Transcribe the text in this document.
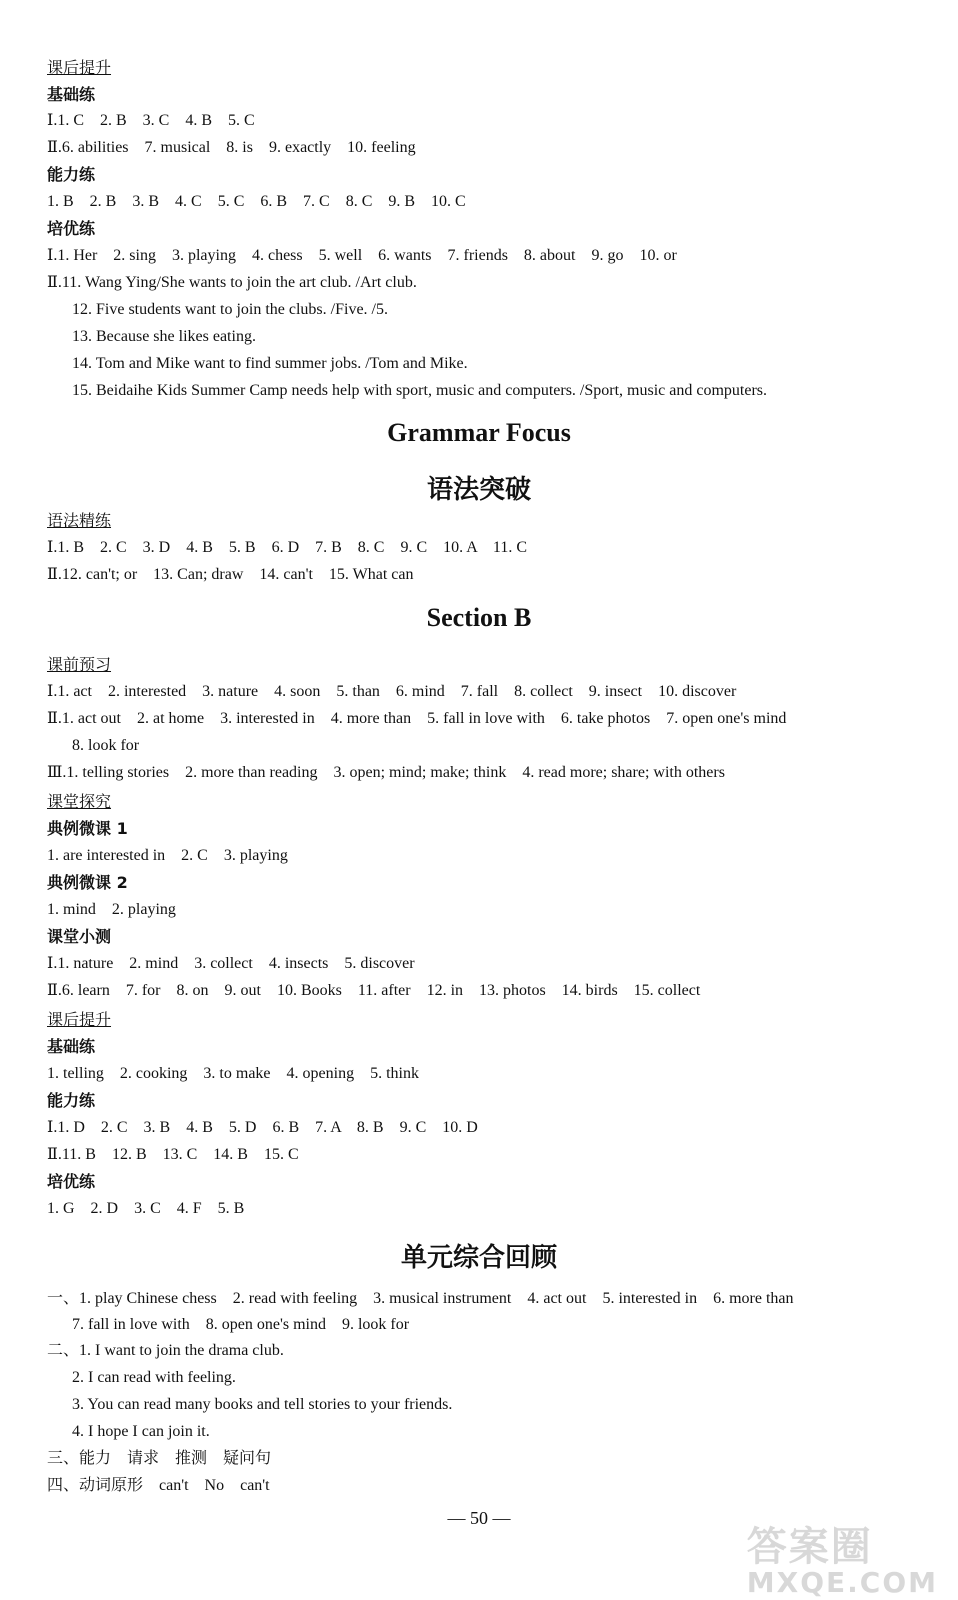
课后提升
基础练
Ⅰ.1. C　2. B　3. C　4. B　5. C
Ⅱ.6. abilities　7. musical　8. is　9. exactly　10. feeling
能力练
1. B　2. B　3. B　4. C　5. C　6. B　7. C　8. C　9. B　10. C
培优练
Ⅰ.1. Her　2. sing　3. playing　4. chess　5. well　6. wants　7. friends　8. about　9. go　10. or
Ⅱ.11. Wang Ying/She wants to join the art club. /Art club.
12. Five students want to join the clubs. /Five. /5.
13. Because she likes eating.
14. Tom and Mike want to find summer jobs. /Tom and Mike.
15. Beidaihe Kids Summer Camp needs help with sport, music and computers. /Sport, music and computers.
Grammar Focus
语法突破
语法精练
Ⅰ.1. B　2. C　3. D　4. B　5. B　6. D　7. B　8. C　9. C　10. A　11. C
Ⅱ.12. can't; or　13. Can; draw　14. can't　15. What can
Section B
课前预习
Ⅰ.1. act　2. interested　3. nature　4. soon　5. than　6. mind　7. fall　8. collect　9. insect　10. discover
Ⅱ.1. act out　2. at home　3. interested in　4. more than　5. fall in love with　6. take photos　7. open one's mind
8. look for
Ⅲ.1. telling stories　2. more than reading　3. open; mind; make; think　4. read more; share; with others
课堂探究
典例微课 1
1. are interested in　2. C　3. playing
典例微课 2
1. mind　2. playing
课堂小测
Ⅰ.1. nature　2. mind　3. collect　4. insects　5. discover
Ⅱ.6. learn　7. for　8. on　9. out　10. Books　11. after　12. in　13. photos　14. birds　15. collect
课后提升
基础练
1. telling　2. cooking　3. to make　4. opening　5. think
能力练
Ⅰ.1. D　2. C　3. B　4. B　5. D　6. B　7. A　8. B　9. C　10. D
Ⅱ.11. B　12. B　13. C　14. B　15. C
培优练
1. G　2. D　3. C　4. F　5. B
单元综合回顾
一、1. play Chinese chess　2. read with feeling　3. musical instrument　4. act out　5. interested in　6. more than
7. fall in love with　8. open one's mind　9. look for
二、1. I want to join the drama club.
2. I can read with feeling.
3. You can read many books and tell stories to your friends.
4. I hope I can join it.
三、能力　请求　推测　疑问句
四、动词原形　can't　No　can't
— 50 —
答案圈
MXQE.COM
